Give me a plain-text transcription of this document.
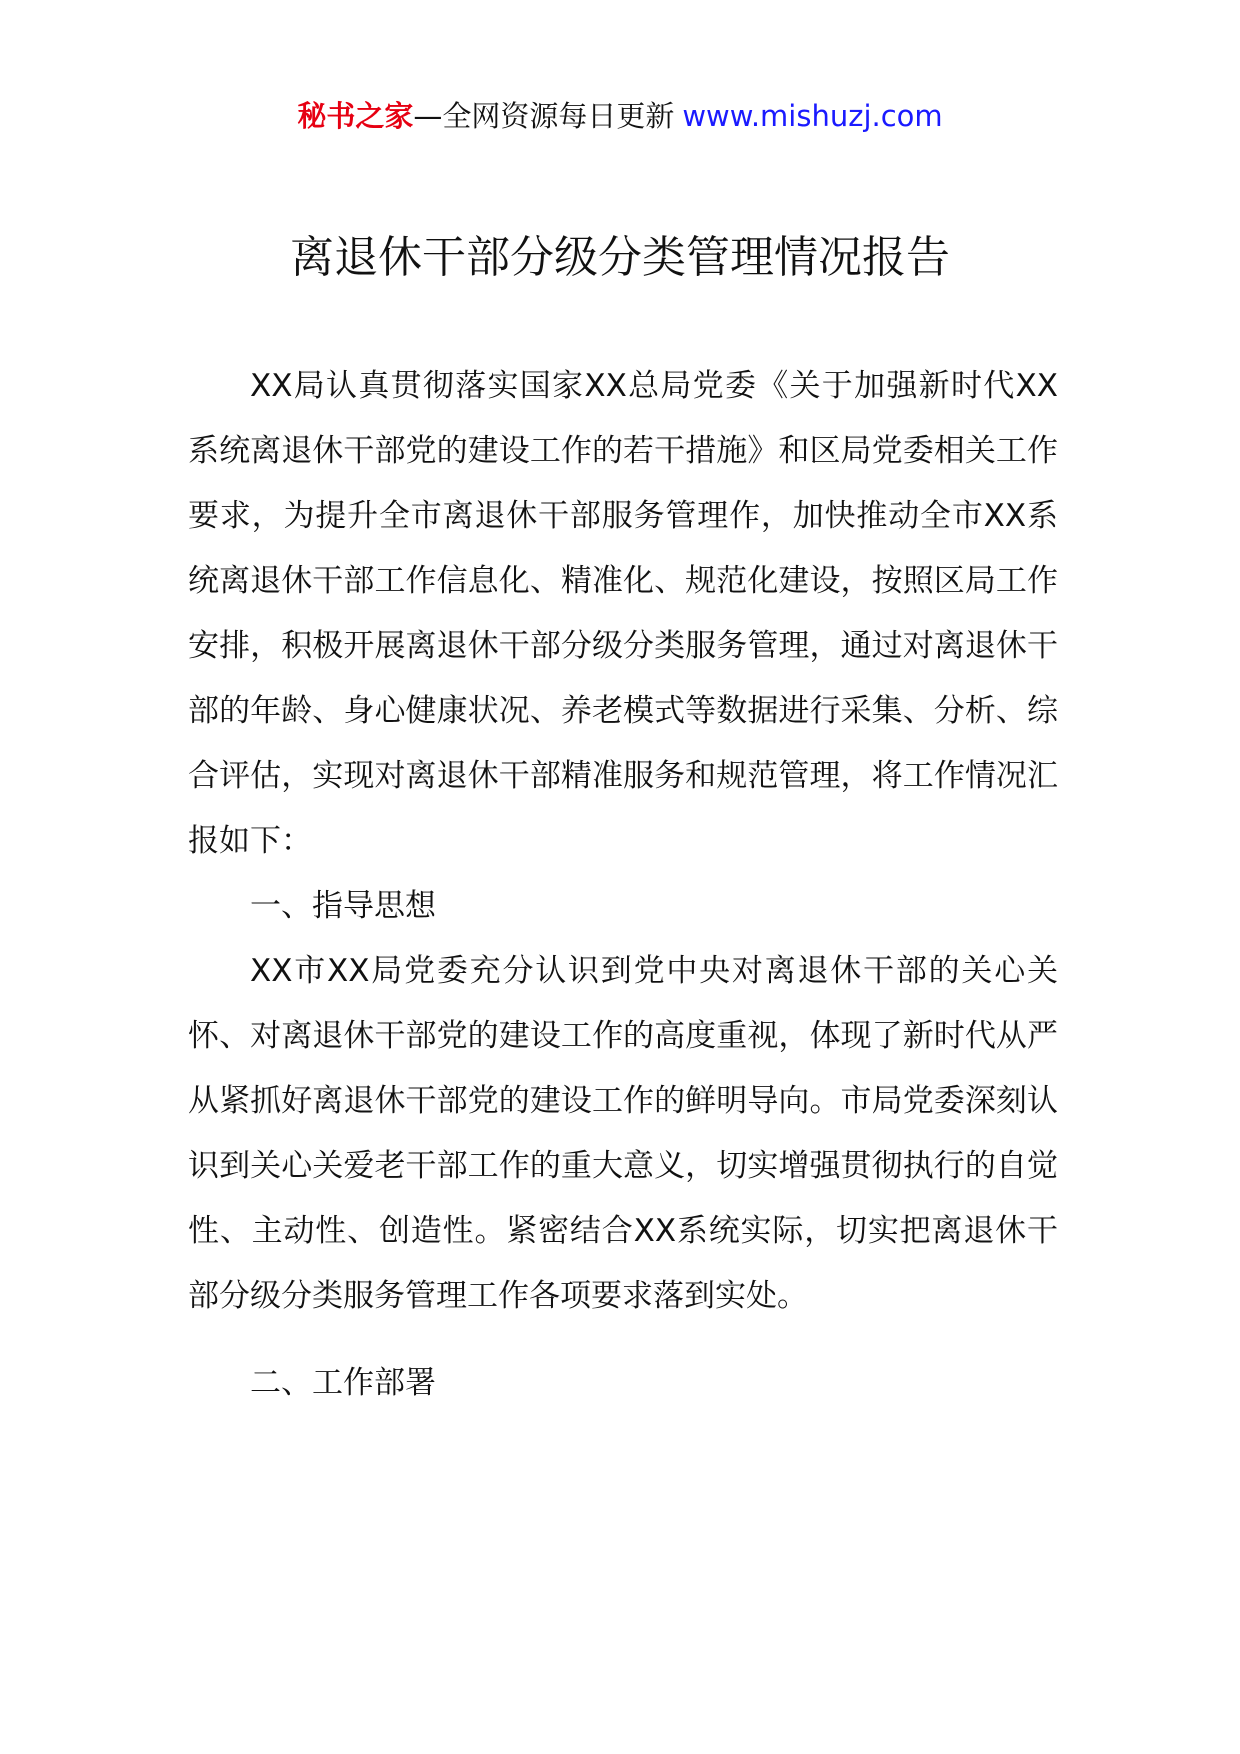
秘书之家—全网资源每日更新 www.mishuzj.com
离退休干部分级分类管理情况报告

XX局认真贯彻落实国家XX总局党委《关于加强新时代XX系统离退休干部党的建设工作的若干措施》和区局党委相关工作要求，为提升全市离退休干部服务管理作，加快推动全市XX系统离退休干部工作信息化、精准化、规范化建设，按照区局工作安排，积极开展离退休干部分级分类服务管理，通过对离退休干部的年龄、身心健康状况、养老模式等数据进行采集、分析、综合评估，实现对离退休干部精准服务和规范管理，将工作情况汇报如下：

一、指导思想

XX市XX局党委充分认识到党中央对离退休干部的关心关怀、对离退休干部党的建设工作的高度重视，体现了新时代从严从紧抓好离退休干部党的建设工作的鲜明导向。市局党委深刻认识到关心关爱老干部工作的重大意义，切实增强贯彻执行的自觉性、主动性、创造性。紧密结合XX系统实际，切实把离退休干部分级分类服务管理工作各项要求落到实处。

二、工作部署
